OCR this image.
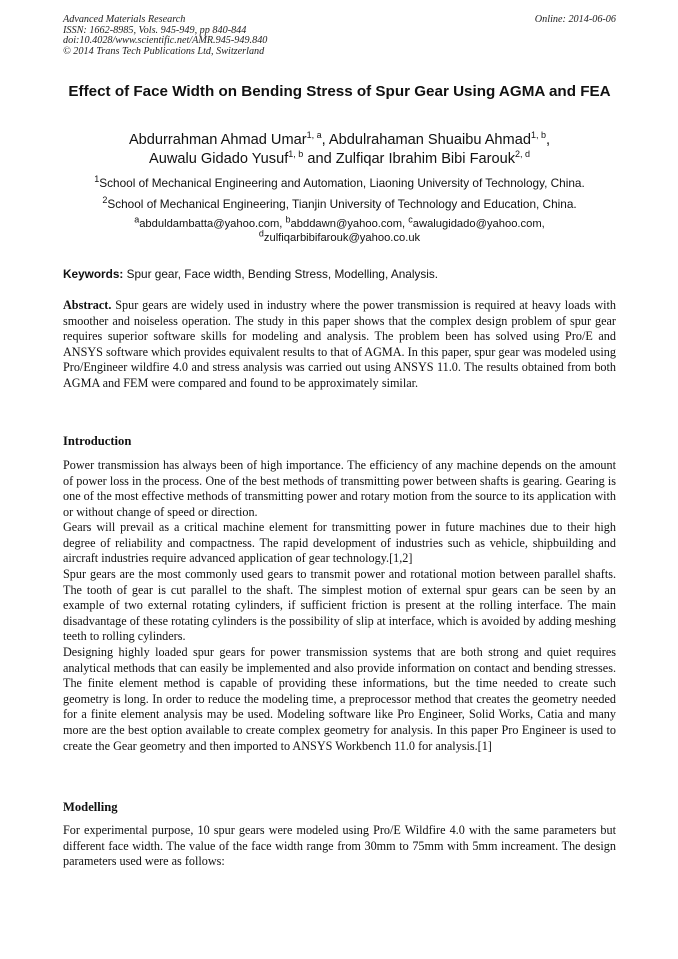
Advanced Materials Research
ISSN: 1662-8985, Vols. 945-949, pp 840-844
doi:10.4028/www.scientific.net/AMR.945-949.840
© 2014 Trans Tech Publications Ltd, Switzerland
Online: 2014-06-06
Effect of Face Width on Bending Stress of Spur Gear Using AGMA and FEA
Abdurrahman Ahmad Umar$^{1, a}$, Abdulrahaman Shuaibu Ahmad$^{1, b}$,
Auwalu Gidado Yusuf$^{1, b}$ and Zulfiqar Ibrahim Bibi Farouk$^{2, d}$
$^1$School of Mechanical Engineering and Automation, Liaoning University of Technology, China.
$^2$School of Mechanical Engineering, Tianjin University of Technology and Education, China.
$^a$abduldambatta@yahoo.com, $^b$abddawn@yahoo.com, $^c$awalugidado@yahoo.com,
$^d$zulfiqarbibifarouk@yahoo.co.uk
Keywords: Spur gear, Face width, Bending Stress, Modelling, Analysis.

Abstract. Spur gears are widely used in industry where the power transmission is required at heavy loads with smoother and noiseless operation. The study in this paper shows that the complex design problem of spur gear requires superior software skills for modeling and analysis. The problem been has solved using Pro/E and ANSYS software which provides equivalent results to that of AGMA. In this paper, spur gear was modeled using Pro/Engineer wildfire 4.0 and stress analysis was carried out using ANSYS 11.0. The results obtained from both AGMA and FEM were compared and found to be approximately similar.

Introduction

Power transmission has always been of high importance. The efficiency of any machine depends on the amount of power loss in the process. One of the best methods of transmitting power between shafts is gearing. Gearing is one of the most effective methods of transmitting power and rotary motion from the source to its application with or without change of speed or direction.

Gears will prevail as a critical machine element for transmitting power in future machines due to their high degree of reliability and compactness. The rapid development of industries such as vehicle, shipbuilding and aircraft industries require advanced application of gear technology.[1,2]

Spur gears are the most commonly used gears to transmit power and rotational motion between parallel shafts. The tooth of gear is cut parallel to the shaft. The simplest motion of external spur gears can be seen by an example of two external rotating cylinders, if sufficient friction is present at the rolling interface. The main disadvantage of these rotating cylinders is the possibility of slip at interface, which is avoided by adding meshing teeth to rolling cylinders.

Designing highly loaded spur gears for power transmission systems that are both strong and quiet requires analytical methods that can easily be implemented and also provide information on contact and bending stresses. The finite element method is capable of providing these informations, but the time needed to create such geometry is long. In order to reduce the modeling time, a preprocessor method that creates the geometry needed for a finite element analysis may be used. Modeling software like Pro Engineer, Solid Works, Catia and many more are the best option available to create complex geometry for analysis. In this paper Pro Engineer is used to create the Gear geometry and then imported to ANSYS Workbench 11.0 for analysis.[1]

Modelling

For experimental purpose, 10 spur gears were modeled using Pro/E Wildfire 4.0 with the same parameters but different face width. The value of the face width range from 30mm to 75mm with 5mm increament. The design parameters used were as follows:
